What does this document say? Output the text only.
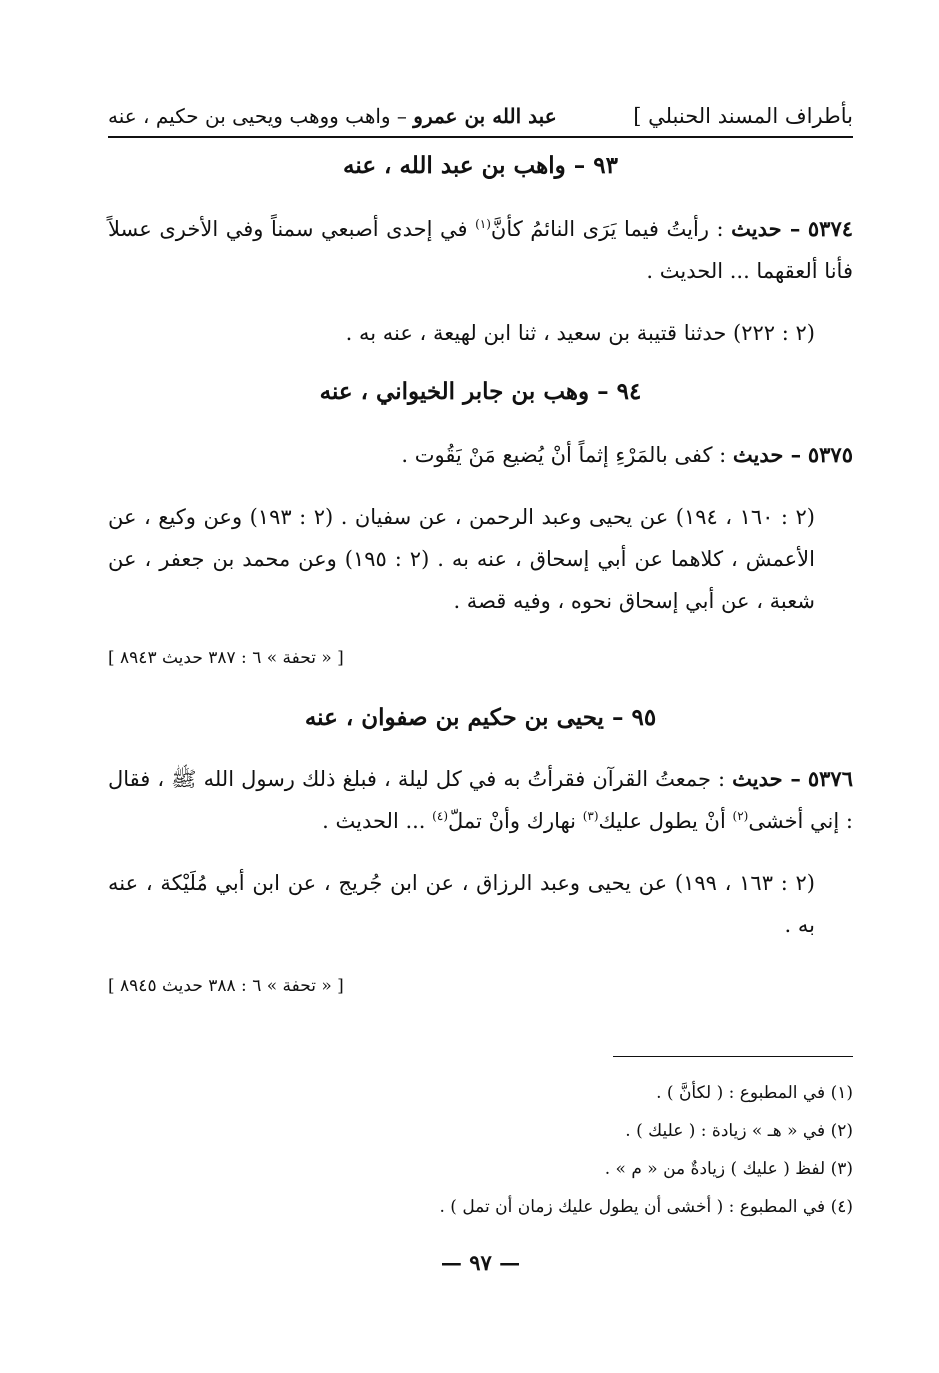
بأطراف المسند الحنبلي ]
عبد الله بن عمرو – واهب ووهب ويحيى بن حكيم ، عنه
٩٣ – واهب بن عبد الله ، عنه
٥٣٧٤ – حديث : رأيتُ فيما يَرَى النائمُ كأنَّ$^{(١)}$ في إحدى أصبعي سمناً وفي الأخرى عسلاً فأنا ألعقهما ... الحديث .
(٢ : ٢٢٢) حدثنا قتيبة بن سعيد ، ثنا ابن لهيعة ، عنه به .
٩٤ – وهب بن جابر الخيواني ، عنه
٥٣٧٥ – حديث : كفى بالمَرْءِ إثماً أنْ يُضيع مَنْ يَقُوت .
(٢ : ١٦٠ ، ١٩٤) عن يحيى وعبد الرحمن ، عن سفيان . (٢ : ١٩٣) وعن وكيع ، عن الأعمش ، كلاهما عن أبي إسحاق ، عنه به . (٢ : ١٩٥) وعن محمد بن جعفر ، عن شعبة ، عن أبي إسحاق نحوه ، وفيه قصة .
[ « تحفة » ٦ : ٣٨٧ حديث ٨٩٤٣ ]
٩٥ – يحيى بن حكيم بن صفوان ، عنه
٥٣٧٦ – حديث : جمعتُ القرآن فقرأتُ به في كل ليلة ، فبلغ ذلك رسول الله ﷺ ، فقال : إني أخشى$^{(٢)}$ أنْ يطول عليك$^{(٣)}$ نهارك وأنْ تملّ$^{(٤)}$ ... الحديث .
(٢ : ١٦٣ ، ١٩٩) عن يحيى وعبد الرزاق ، عن ابن جُريج ، عن ابن أبي مُلَيْكة ، عنه به .
[ « تحفة » ٦ : ٣٨٨ حديث ٨٩٤٥ ]
(١) في المطبوع : ( لكأنَّ ) .
(٢) في « هـ » زيادة : ( عليك ) .
(٣) لفظ ( عليك ) زيادةٌ من « م » .
(٤) في المطبوع : ( أخشى أن يطول عليك زمان أن تمل ) .
— ٩٧ —
